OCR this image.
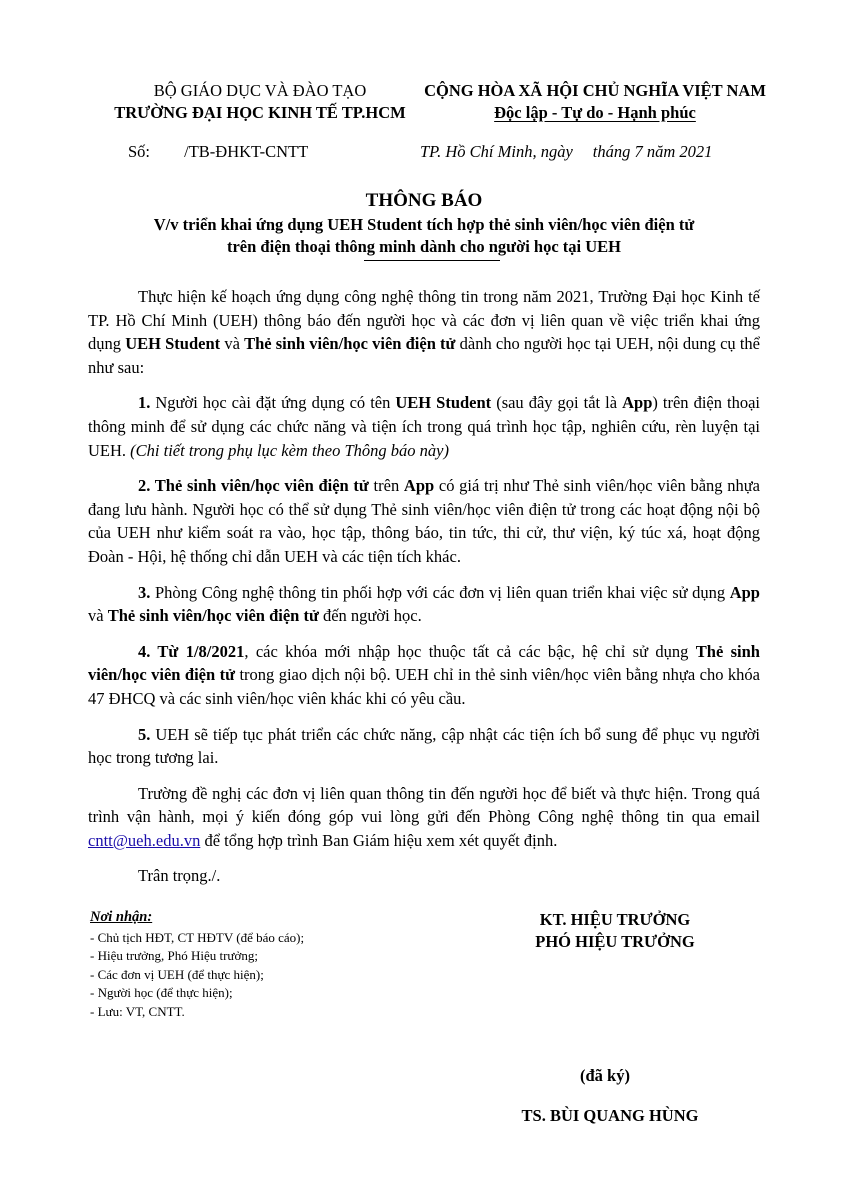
BỘ GIÁO DỤC VÀ ĐÀO TẠO
TRƯỜNG ĐẠI HỌC KINH TẾ TP.HCM
CỘNG HÒA XÃ HỘI CHỦ NGHĨA VIỆT NAM
Độc lập - Tự do - Hạnh phúc
Số: /TB-ĐHKT-CNTT	TP. Hồ Chí Minh, ngày tháng 7 năm 2021
THÔNG BÁO
V/v triển khai ứng dụng UEH Student tích hợp thẻ sinh viên/học viên điện tử
trên điện thoại thông minh dành cho người học tại UEH

Thực hiện kế hoạch ứng dụng công nghệ thông tin trong năm 2021, Trường Đại học Kinh tế TP. Hồ Chí Minh (UEH) thông báo đến người học và các đơn vị liên quan về việc triển khai ứng dụng UEH Student và Thẻ sinh viên/học viên điện tử dành cho người học tại UEH, nội dung cụ thể như sau:

1. Người học cài đặt ứng dụng có tên UEH Student (sau đây gọi tắt là App) trên điện thoại thông minh để sử dụng các chức năng và tiện ích trong quá trình học tập, nghiên cứu, rèn luyện tại UEH. (Chi tiết trong phụ lục kèm theo Thông báo này)

2. Thẻ sinh viên/học viên điện tử trên App có giá trị như Thẻ sinh viên/học viên bằng nhựa đang lưu hành. Người học có thể sử dụng Thẻ sinh viên/học viên điện tử trong các hoạt động nội bộ của UEH như kiểm soát ra vào, học tập, thông báo, tin tức, thi cử, thư viện, ký túc xá, hoạt động Đoàn - Hội, hệ thống chỉ dẫn UEH và các tiện tích khác.

3. Phòng Công nghệ thông tin phối hợp với các đơn vị liên quan triển khai việc sử dụng App và Thẻ sinh viên/học viên điện tử đến người học.

4. Từ 1/8/2021, các khóa mới nhập học thuộc tất cả các bậc, hệ chỉ sử dụng Thẻ sinh viên/học viên điện tử trong giao dịch nội bộ. UEH chỉ in thẻ sinh viên/học viên bằng nhựa cho khóa 47 ĐHCQ và các sinh viên/học viên khác khi có yêu cầu.

5. UEH sẽ tiếp tục phát triển các chức năng, cập nhật các tiện ích bổ sung để phục vụ người học trong tương lai.

Trường đề nghị các đơn vị liên quan thông tin đến người học để biết và thực hiện. Trong quá trình vận hành, mọi ý kiến đóng góp vui lòng gửi đến Phòng Công nghệ thông tin qua email cntt@ueh.edu.vn để tổng hợp trình Ban Giám hiệu xem xét quyết định.

Trân trọng./.

Nơi nhận:
- Chủ tịch HĐT, CT HĐTV (để báo cáo);
- Hiệu trưởng, Phó Hiệu trưởng;
- Các đơn vị UEH (để thực hiện);
- Người học (để thực hiện);
- Lưu: VT, CNTT.
KT. HIỆU TRƯỞNG
PHÓ HIỆU TRƯỞNG
(đã ký)
TS. BÙI QUANG HÙNG
